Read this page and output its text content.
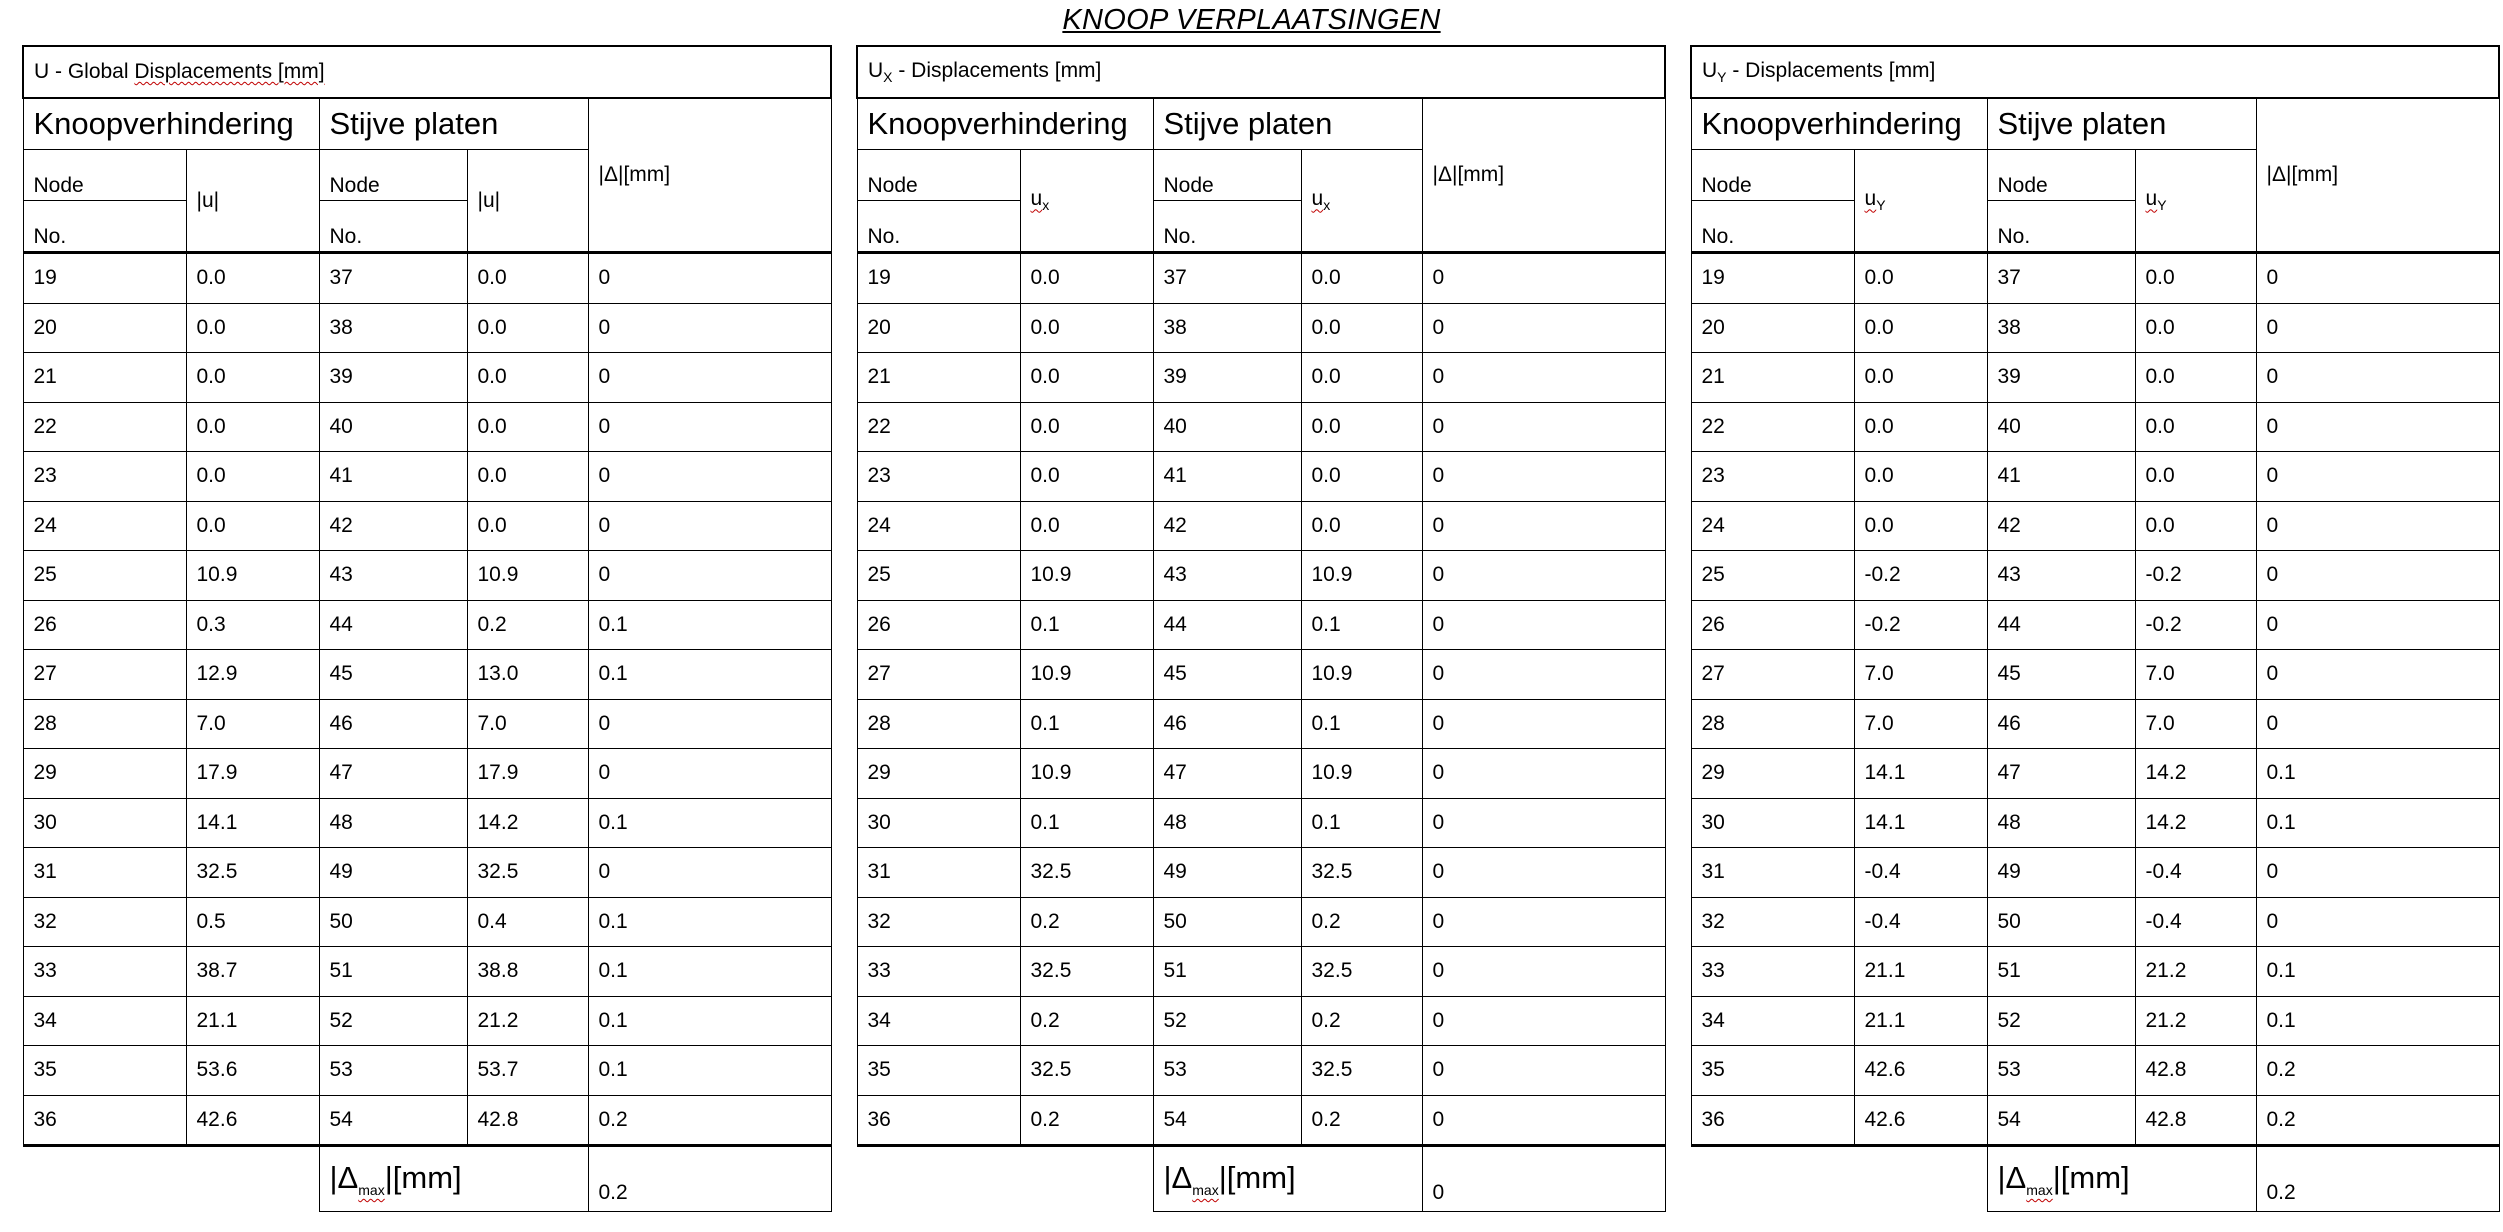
KNOOP VERPLAATSINGEN
U - Global Displacements [mm]				
Knoopverhindering		Stijve platen		|Δ|[mm]
Node	|u|	Node	|u|	
No.		No.		
19	0.0	37	0.0	0
20	0.0	38	0.0	0
21	0.0	39	0.0	0
22	0.0	40	0.0	0
23	0.0	41	0.0	0
24	0.0	42	0.0	0
25	10.9	43	10.9	0
26	0.3	44	0.2	0.1
27	12.9	45	13.0	0.1
28	7.0	46	7.0	0
29	17.9	47	17.9	0
30	14.1	48	14.2	0.1
31	32.5	49	32.5	0
32	0.5	50	0.4	0.1
33	38.7	51	38.8	0.1
34	21.1	52	21.2	0.1
35	53.6	53	53.7	0.1
36	42.6	54	42.8	0.2
		$|\Delta_{max}|[mm]$		0.2
$U_X$ - Displacements [mm]				
Knoopverhindering		Stijve platen		|Δ|[mm]
Node	$u_x$	Node	$u_x$
No.		No.		
19	0.0	37	0.0	0
20	0.0	38	0.0	0
21	0.0	39	0.0	0
22	0.0	40	0.0	0
23	0.0	41	0.0	0
24	0.0	42	0.0	0
25	10.9	43	10.9	0
26	0.1	44	0.1	0
27	10.9	45	10.9	0
28	0.1	46	0.1	0
29	10.9	47	10.9	0
30	0.1	48	0.1	0
31	32.5	49	32.5	0
32	0.2	50	0.2	0
33	32.5	51	32.5	0
34	0.2	52	0.2	0
35	32.5	53	32.5	0
36	0.2	54	0.2	0
		$|\Delta_{max}|[mm]$		0
$U_Y$ - Displacements [mm]				
Knoopverhindering		Stijve platen		|Δ|[mm]
Node	$u_Y$	Node	$u_Y$
No.		No.		
19	0.0	37	0.0	0
20	0.0	38	0.0	0
21	0.0	39	0.0	0
22	0.0	40	0.0	0
23	0.0	41	0.0	0
24	0.0	42	0.0	0
25	-0.2	43	-0.2	0
26	-0.2	44	-0.2	0
27	7.0	45	7.0	0
28	7.0	46	7.0	0
29	14.1	47	14.2	0.1
30	14.1	48	14.2	0.1
31	-0.4	49	-0.4	0
32	-0.4	50	-0.4	0
33	21.1	51	21.2	0.1
34	21.1	52	21.2	0.1
35	42.6	53	42.8	0.2
36	42.6	54	42.8	0.2
		$|\Delta_{max}|[mm]$		0.2
